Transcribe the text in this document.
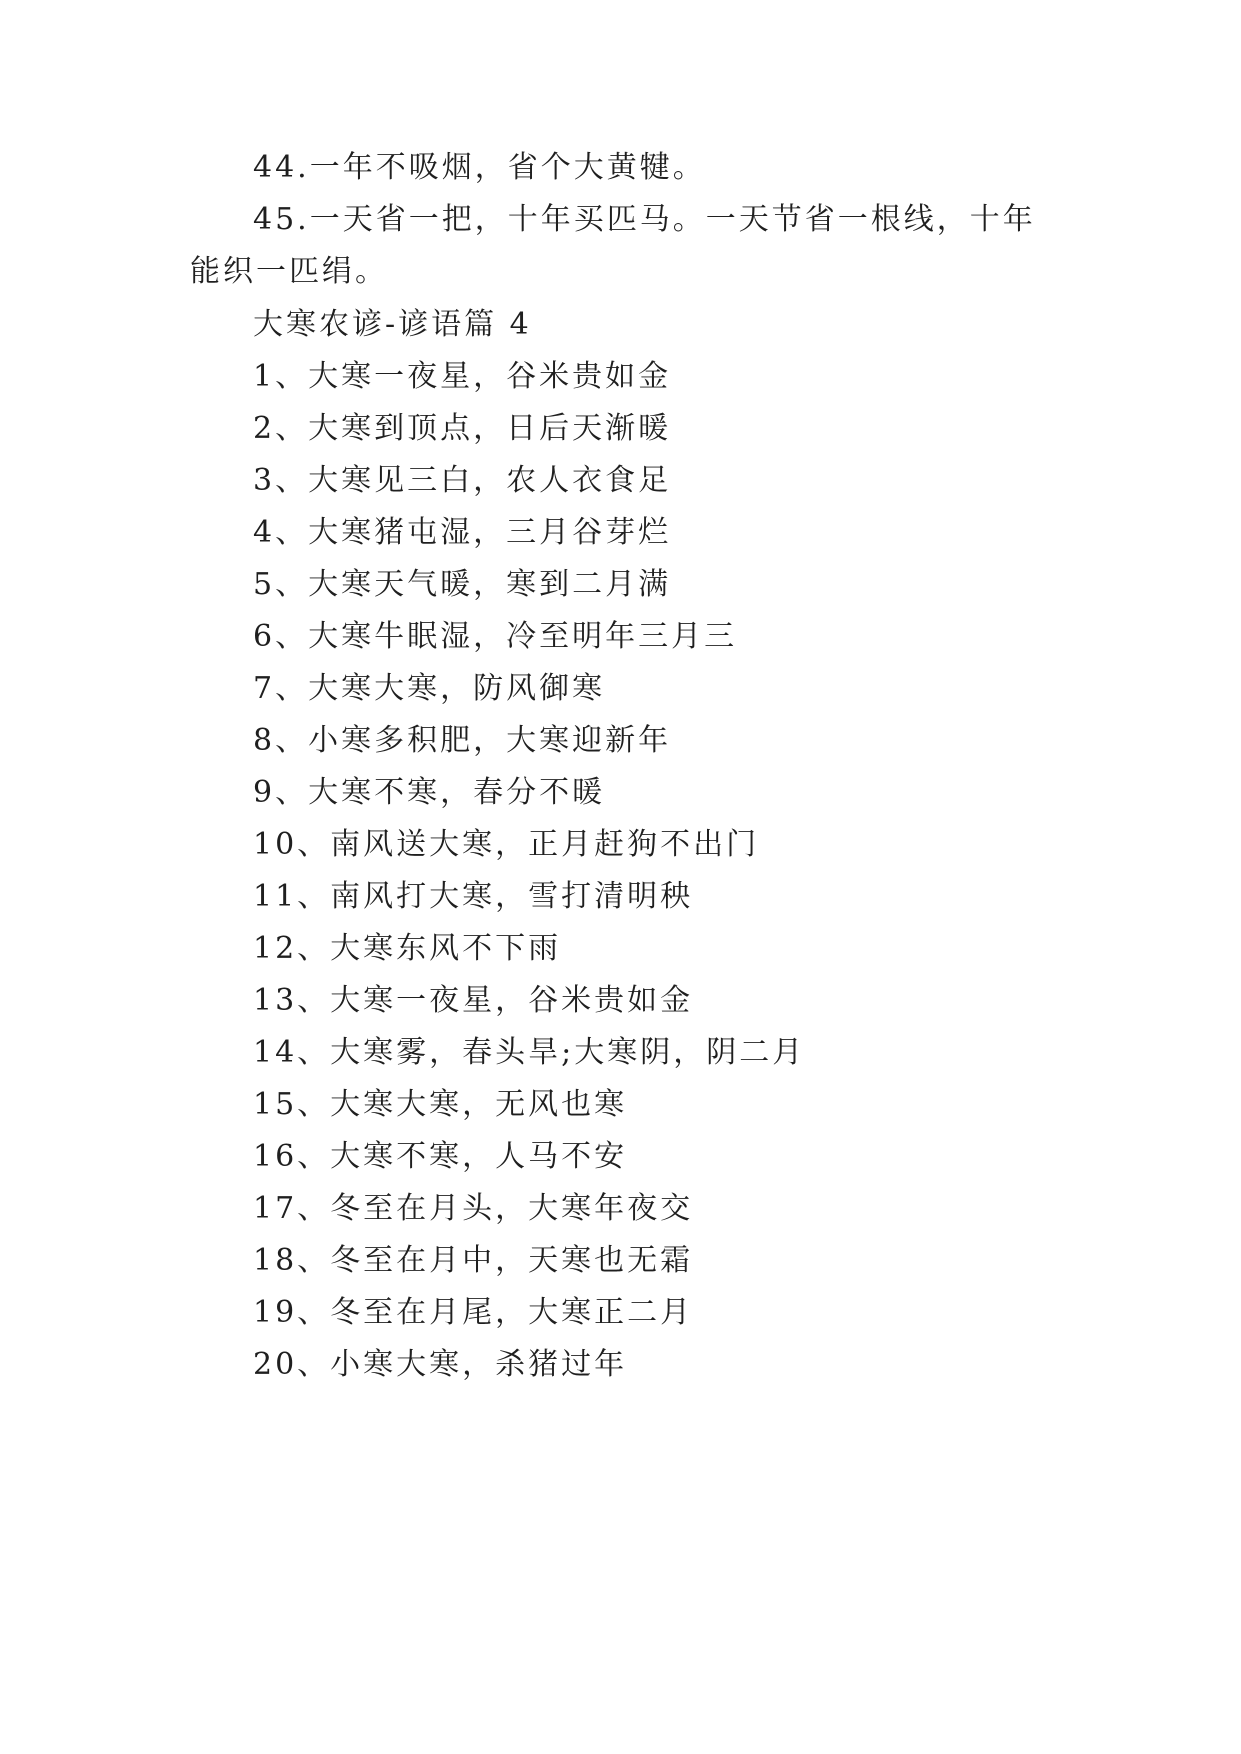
44.一年不吸烟，省个大黄犍。
45.一天省一把，十年买匹马。一天节省一根线，十年
能织一匹绢。
大寒农谚-谚语篇 4
1、大寒一夜星，谷米贵如金
2、大寒到顶点，日后天渐暖
3、大寒见三白，农人衣食足
4、大寒猪屯湿，三月谷芽烂
5、大寒天气暖，寒到二月满
6、大寒牛眠湿，冷至明年三月三
7、大寒大寒，防风御寒
8、小寒多积肥，大寒迎新年
9、大寒不寒，春分不暖
10、南风送大寒，正月赶狗不出门
11、南风打大寒，雪打清明秧
12、大寒东风不下雨
13、大寒一夜星，谷米贵如金
14、大寒雾，春头旱;大寒阴，阴二月
15、大寒大寒，无风也寒
16、大寒不寒，人马不安
17、冬至在月头，大寒年夜交
18、冬至在月中，天寒也无霜
19、冬至在月尾，大寒正二月
20、小寒大寒，杀猪过年
